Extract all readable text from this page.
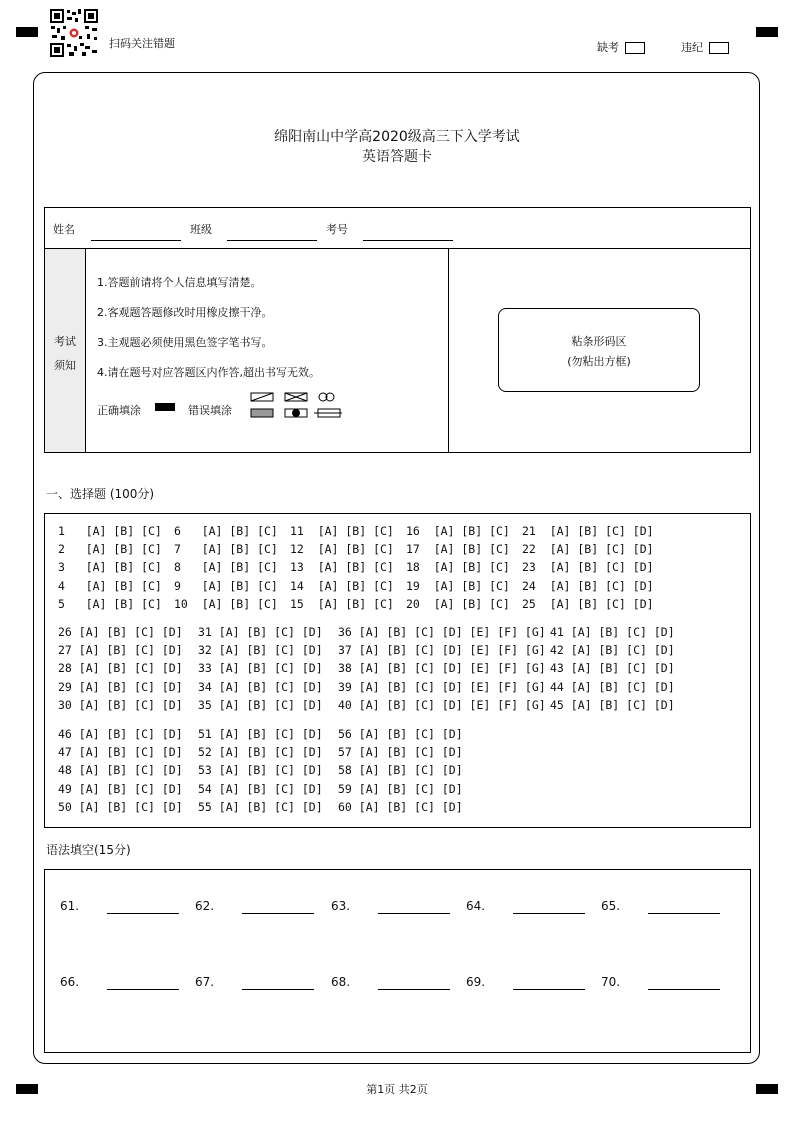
扫码关注错题	缺考	违纪
绵阳南山中学高2020级高三下入学考试
英语答题卡
姓名	班级	考号
考试
须知
1.答题前请将个人信息填写清楚。
2.客观题答题修改时用橡皮擦干净。
3.主观题必须使用黑色签字笔书写。
4.请在题号对应答题区内作答,超出书写无效。
正确填涂	错误填涂
粘条形码区
(勿粘出方框)
一、选择题 (100分)
1   [A] [B] [C]
2   [A] [B] [C]
3   [A] [B] [C]
4   [A] [B] [C]
5   [A] [B] [C]
6   [A] [B] [C]
7   [A] [B] [C]
8   [A] [B] [C]
9   [A] [B] [C]
10  [A] [B] [C]
11  [A] [B] [C]
12  [A] [B] [C]
13  [A] [B] [C]
14  [A] [B] [C]
15  [A] [B] [C]
16  [A] [B] [C]
17  [A] [B] [C]
18  [A] [B] [C]
19  [A] [B] [C]
20  [A] [B] [C]
21  [A] [B] [C] [D]
22  [A] [B] [C] [D]
23  [A] [B] [C] [D]
24  [A] [B] [C] [D]
25  [A] [B] [C] [D]
26 [A] [B] [C] [D]
27 [A] [B] [C] [D]
28 [A] [B] [C] [D]
29 [A] [B] [C] [D]
30 [A] [B] [C] [D]
31 [A] [B] [C] [D]
32 [A] [B] [C] [D]
33 [A] [B] [C] [D]
34 [A] [B] [C] [D]
35 [A] [B] [C] [D]
36 [A] [B] [C] [D] [E] [F] [G]
37 [A] [B] [C] [D] [E] [F] [G]
38 [A] [B] [C] [D] [E] [F] [G]
39 [A] [B] [C] [D] [E] [F] [G]
40 [A] [B] [C] [D] [E] [F] [G]
41 [A] [B] [C] [D]
42 [A] [B] [C] [D]
43 [A] [B] [C] [D]
44 [A] [B] [C] [D]
45 [A] [B] [C] [D]
46 [A] [B] [C] [D]
47 [A] [B] [C] [D]
48 [A] [B] [C] [D]
49 [A] [B] [C] [D]
50 [A] [B] [C] [D]
51 [A] [B] [C] [D]
52 [A] [B] [C] [D]
53 [A] [B] [C] [D]
54 [A] [B] [C] [D]
55 [A] [B] [C] [D]
56 [A] [B] [C] [D]
57 [A] [B] [C] [D]
58 [A] [B] [C] [D]
59 [A] [B] [C] [D]
60 [A] [B] [C] [D]
语法填空(15分)
61.	62.	63.	64.	65.
66.	67.	68.	69.	70.
第1页 共2页
